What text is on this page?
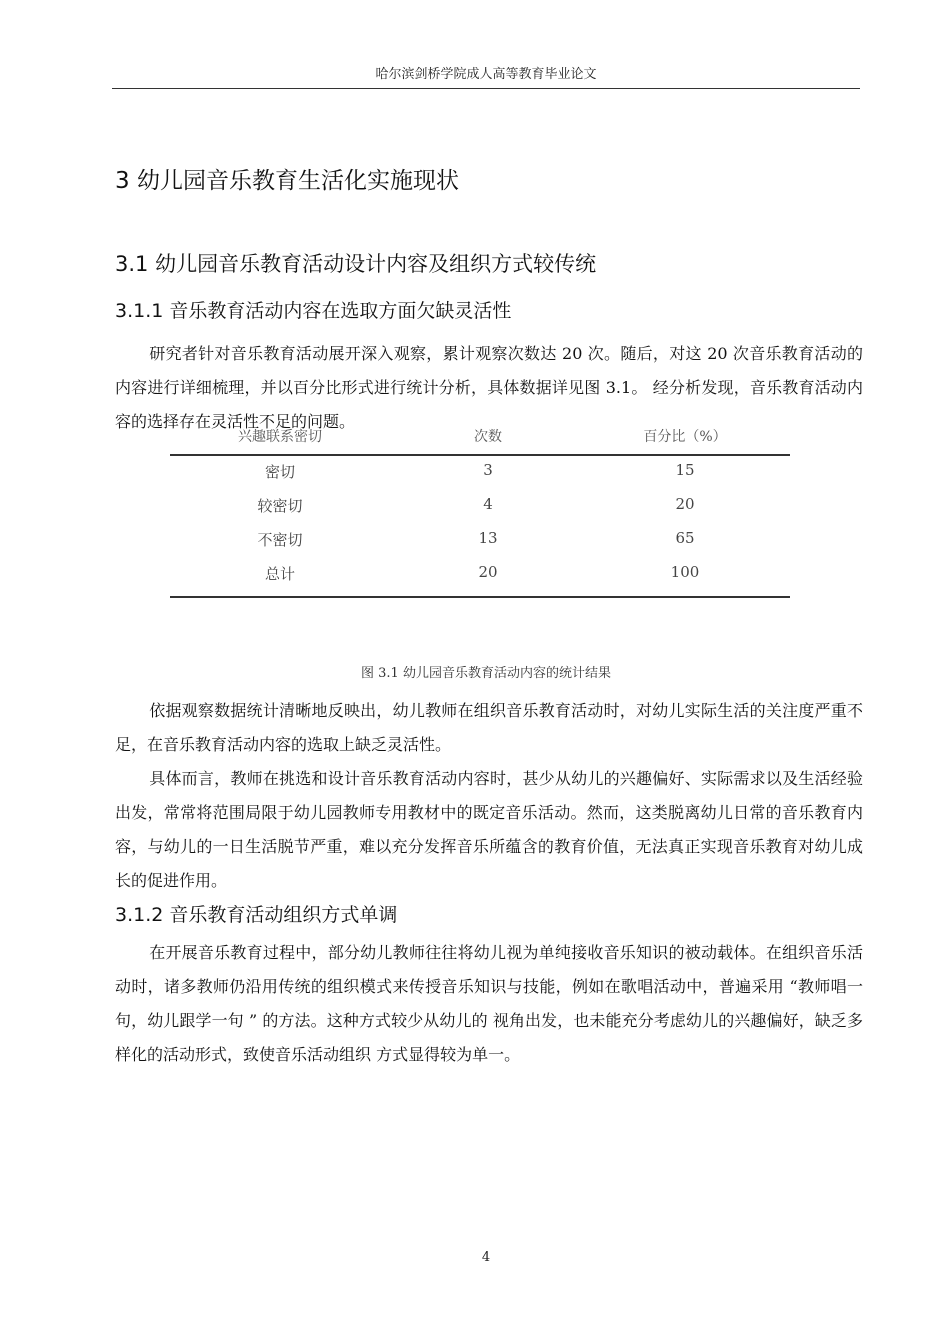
哈尔滨剑桥学院成人高等教育毕业论文
3 幼儿园音乐教育生活化实施现状
3.1 幼儿园音乐教育活动设计内容及组织方式较传统
3.1.1 音乐教育活动内容在选取方面欠缺灵活性

研究者针对音乐教育活动展开深入观察，累计观察次数达 20 次。随后，对这 20 次音乐教育活动的内容进行详细梳理，并以百分比形式进行统计分析，具体数据详见图 3.1。 经分析发现，音乐教育活动内容的选择存在灵活性不足的问题。

兴趣联系密切	次数	百分比（%）
密切	3	15
较密切	4	20
不密切	13	65
总计	20	100
图 3.1 幼儿园音乐教育活动内容的统计结果

依据观察数据统计清晰地反映出，幼儿教师在组织音乐教育活动时，对幼儿实际生活的关注度严重不足，在音乐教育活动内容的选取上缺乏灵活性。

具体而言，教师在挑选和设计音乐教育活动内容时，甚少从幼儿的兴趣偏好、实际需求以及生活经验出发，常常将范围局限于幼儿园教师专用教材中的既定音乐活动。然而，这类脱离幼儿日常的音乐教育内容，与幼儿的一日生活脱节严重，难以充分发挥音乐所蕴含的教育价值，无法真正实现音乐教育对幼儿成长的促进作用。

3.1.2 音乐教育活动组织方式单调

在开展音乐教育过程中，部分幼儿教师往往将幼儿视为单纯接收音乐知识的被动载体。在组织音乐活动时，诸多教师仍沿用传统的组织模式来传授音乐知识与技能，例如在歌唱活动中，普遍采用 “教师唱一句，幼儿跟学一句 ” 的方法。这种方式较少从幼儿的 视角出发，也未能充分考虑幼儿的兴趣偏好，缺乏多样化的活动形式，致使音乐活动组织 方式显得较为单一。

4
